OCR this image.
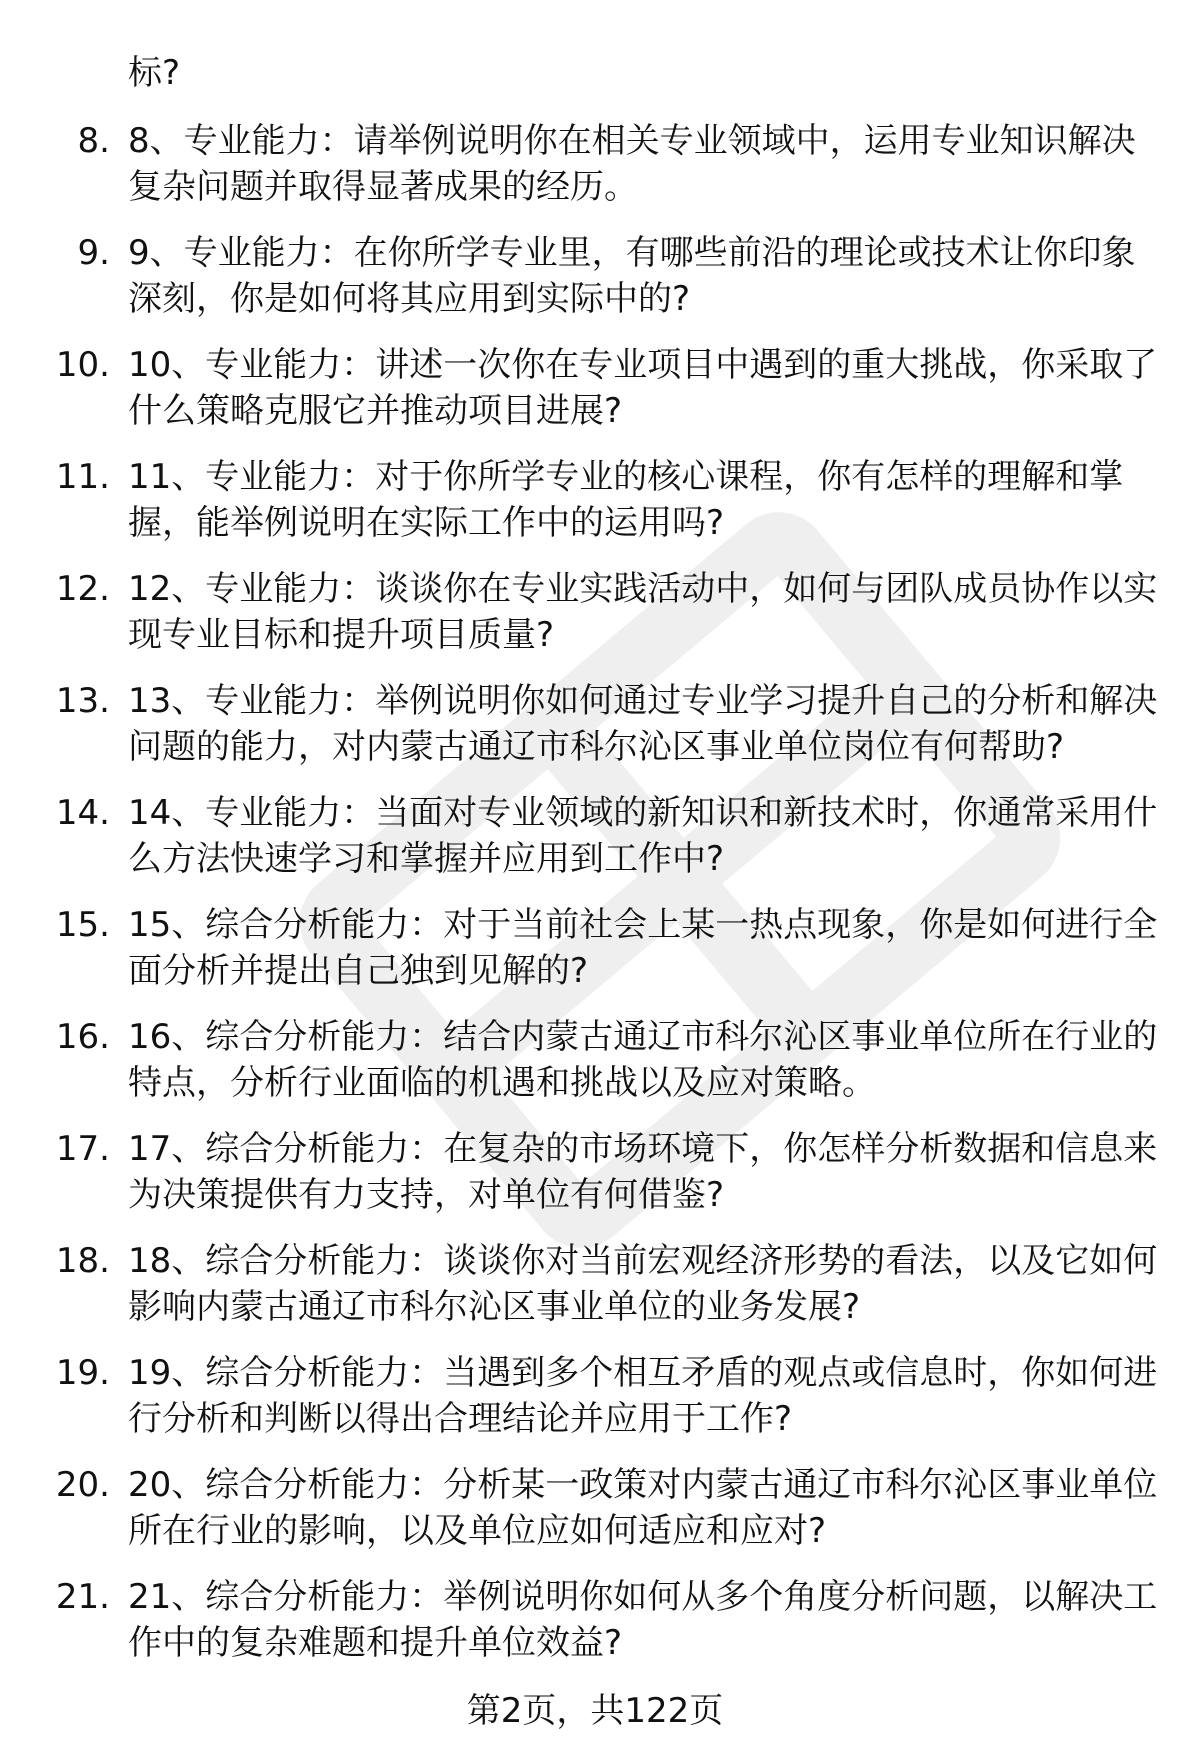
标?

8. 8、专业能力：请举例说明你在相关专业领域中，运用专业知识解决复杂问题并取得显著成果的经历。
9. 9、专业能力：在你所学专业里，有哪些前沿的理论或技术让你印象深刻，你是如何将其应用到实际中的?
10. 10、专业能力：讲述一次你在专业项目中遇到的重大挑战，你采取了什么策略克服它并推动项目进展?
11. 11、专业能力：对于你所学专业的核心课程，你有怎样的理解和掌握，能举例说明在实际工作中的运用吗?
12. 12、专业能力：谈谈你在专业实践活动中，如何与团队成员协作以实现专业目标和提升项目质量?
13. 13、专业能力：举例说明你如何通过专业学习提升自己的分析和解决问题的能力，对内蒙古通辽市科尔沁区事业单位岗位有何帮助?
14. 14、专业能力：当面对专业领域的新知识和新技术时，你通常采用什么方法快速学习和掌握并应用到工作中?
15. 15、综合分析能力：对于当前社会上某一热点现象，你是如何进行全面分析并提出自己独到见解的?
16. 16、综合分析能力：结合内蒙古通辽市科尔沁区事业单位所在行业的特点，分析行业面临的机遇和挑战以及应对策略。
17. 17、综合分析能力：在复杂的市场环境下，你怎样分析数据和信息来为决策提供有力支持，对单位有何借鉴?
18. 18、综合分析能力：谈谈你对当前宏观经济形势的看法，以及它如何影响内蒙古通辽市科尔沁区事业单位的业务发展?
19. 19、综合分析能力：当遇到多个相互矛盾的观点或信息时，你如何进行分析和判断以得出合理结论并应用于工作?
20. 20、综合分析能力：分析某一政策对内蒙古通辽市科尔沁区事业单位所在行业的影响，以及单位应如何适应和应对?
21. 21、综合分析能力：举例说明你如何从多个角度分析问题，以解决工作中的复杂难题和提升单位效益?
第2页，共122页
